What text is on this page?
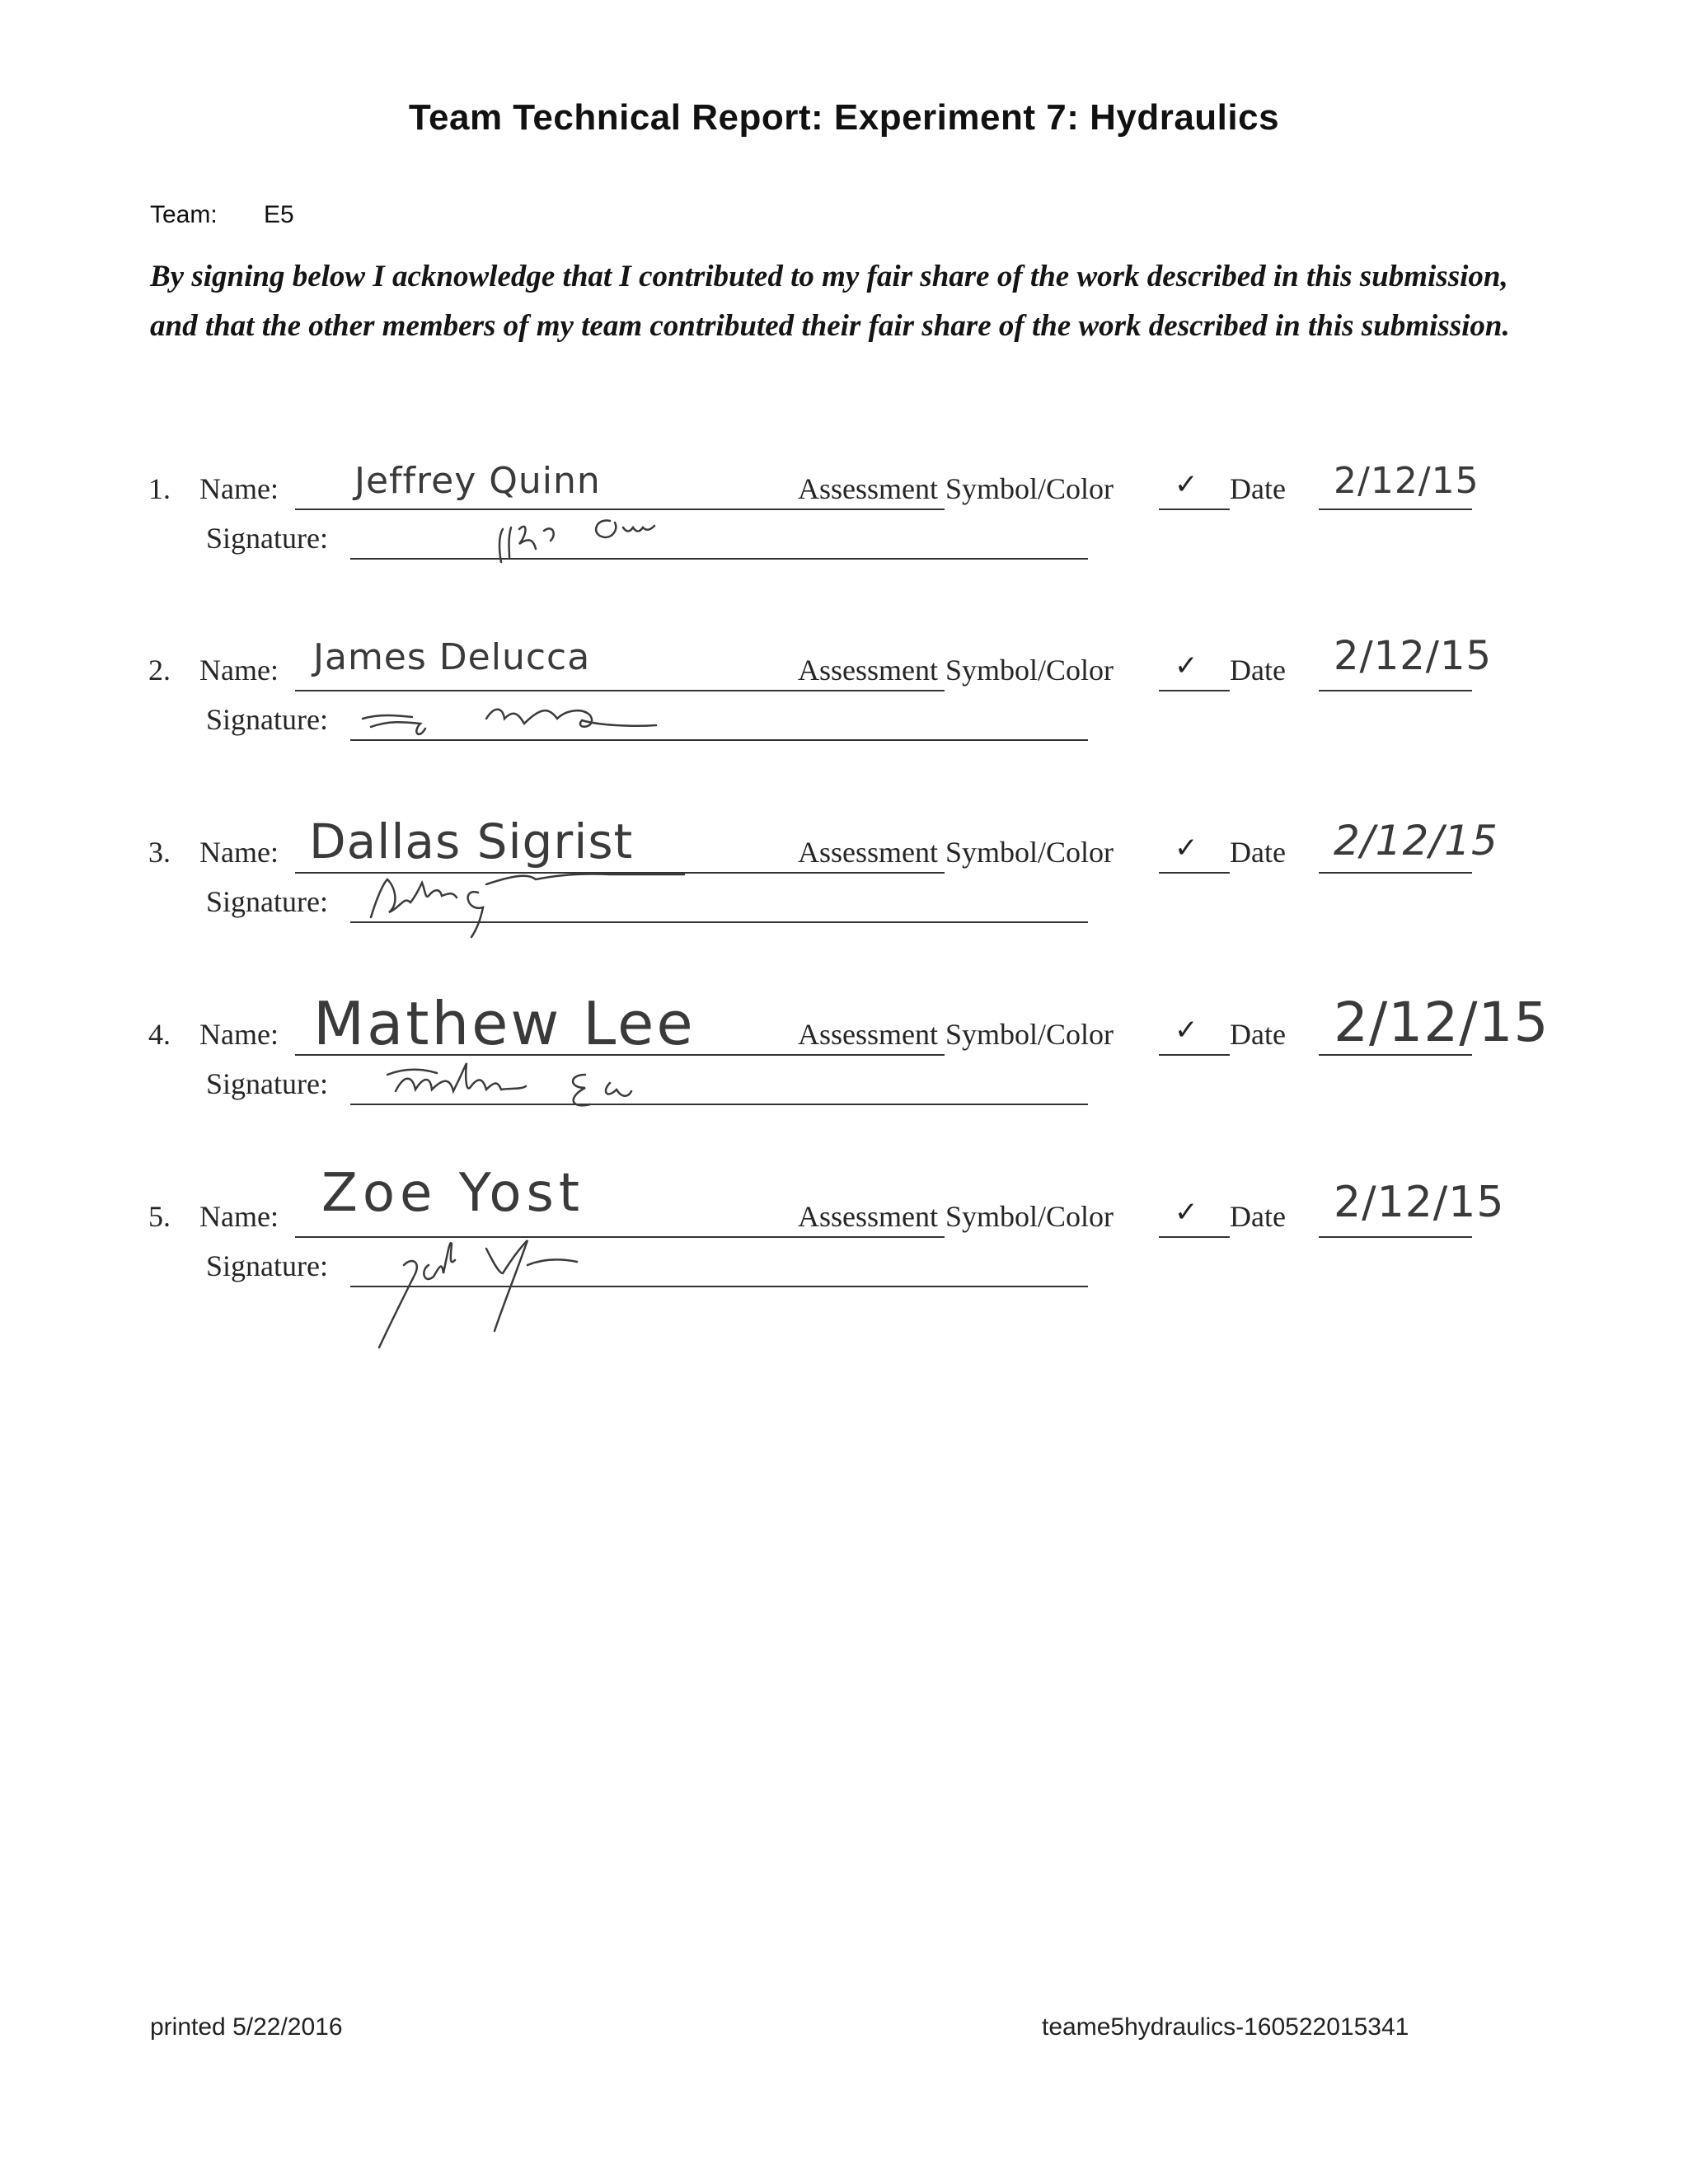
Team Technical Report: Experiment 7: Hydraulics
Team: E5
By signing below I acknowledge that I contributed to my fair share of the work described in this submission, and that the other members of my team contributed their fair share of the work described in this submission.
1. Name: Jeffrey Quinn	Assessment Symbol/Color ✓ Date 2/12/15
Signature:
2. Name: James Delucca	Assessment Symbol/Color ✓ Date 2/12/15
Signature:
3. Name: Dallas Sigrist	Assessment Symbol/Color ✓ Date 2/12/15
Signature:
4. Name: Mathew Lee	Assessment Symbol/Color ✓ Date 2/12/15
Signature:
5. Name: Zoe Yost	Assessment Symbol/Color ✓ Date 2/12/15
Signature:
printed 5/22/2016	teame5hydraulics-160522015341
